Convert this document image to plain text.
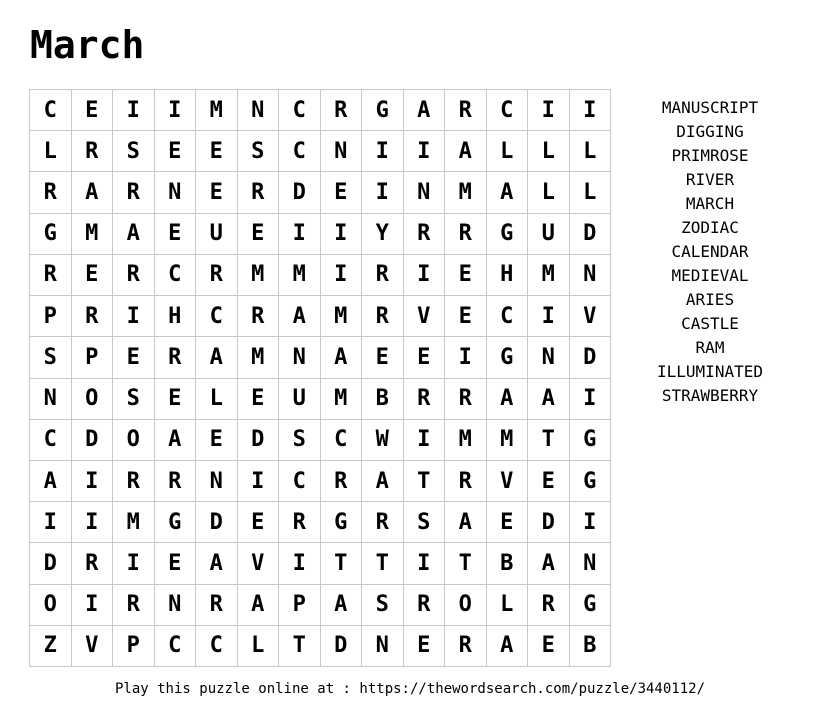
March
C	E	I	I	M	N	C	R	G	A	R	C	I	I
L	R	S	E	E	S	C	N	I	I	A	L	L	L
R	A	R	N	E	R	D	E	I	N	M	A	L	L
G	M	A	E	U	E	I	I	Y	R	R	G	U	D
R	E	R	C	R	M	M	I	R	I	E	H	M	N
P	R	I	H	C	R	A	M	R	V	E	C	I	V
S	P	E	R	A	M	N	A	E	E	I	G	N	D
N	O	S	E	L	E	U	M	B	R	R	A	A	I
C	D	O	A	E	D	S	C	W	I	M	M	T	G
A	I	R	R	N	I	C	R	A	T	R	V	E	G
I	I	M	G	D	E	R	G	R	S	A	E	D	I
D	R	I	E	A	V	I	T	T	I	T	B	A	N
O	I	R	N	R	A	P	A	S	R	O	L	R	G
Z	V	P	C	C	L	T	D	N	E	R	A	E	B
MANUSCRIPT
DIGGING
PRIMROSE
RIVER
MARCH
ZODIAC
CALENDAR
MEDIEVAL
ARIES
CASTLE
RAM
ILLUMINATED
STRAWBERRY
Play this puzzle online at : https://thewordsearch.com/puzzle/3440112/
